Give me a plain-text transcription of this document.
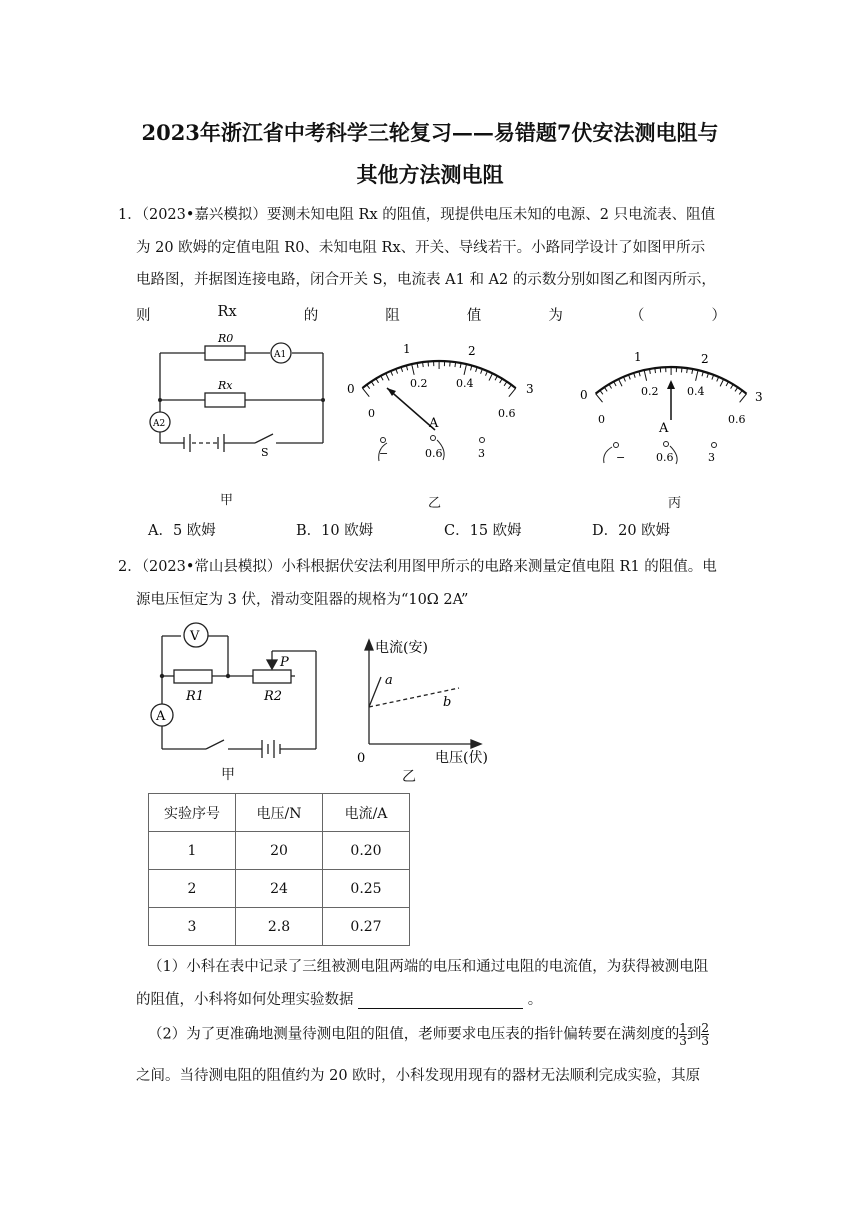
2023年浙江省中考科学三轮复习——易错题7伏安法测电阻与
其他方法测电阻
1．（2023•嘉兴模拟）要测未知电阻 Rx 的阻值，现提供电压未知的电源、2 只电流表、阻值
为 20 欧姆的定值电阻 R0、未知电阻 Rx、开关、导线若干。小路同学设计了如图甲所示
电路图，并据图连接电路，闭合开关 S，电流表 A1 和 A2 的示数分别如图乙和图丙所示，
则	Rx	的	阻	值	为	（	）
R0
Rx
A1
A2
S
0
1	2
3
0
0.2	0.4
0.6
A
−	0.6	3
0
1	2
3
0
0.2	0.4
0.6
A
−	0.6	3
甲	乙	丙
A．5 欧姆	B．10 欧姆	C．15 欧姆	D．20 欧姆
2．（2023•常山县模拟）小科根据伏安法利用图甲所示的电路来测量定值电阻 R1 的阻值。电
源电压恒定为 3 伏，滑动变阻器的规格为“10Ω 2A”
V
A
R1	R2
P
电流(安)
电压(伏)
0
a
b
甲	乙
实验序号	电压/N	电流/A
1	20	0.20
2	24	0.25
3	2.8	0.27
（1）小科在表中记录了三组被测电阻两端的电压和通过电阻的电流值，为获得被测电阻
的阻值，小科将如何处理实验数据	。
（2）为了更准确地测量待测电阻的阻值，老师要求电压表的指针偏转要在满刻度的 $\frac{1}{3}$ 到 $\frac{2}{3}$
之间。当待测电阻的阻值约为 20 欧时，小科发现用现有的器材无法顺利完成实验，其原
